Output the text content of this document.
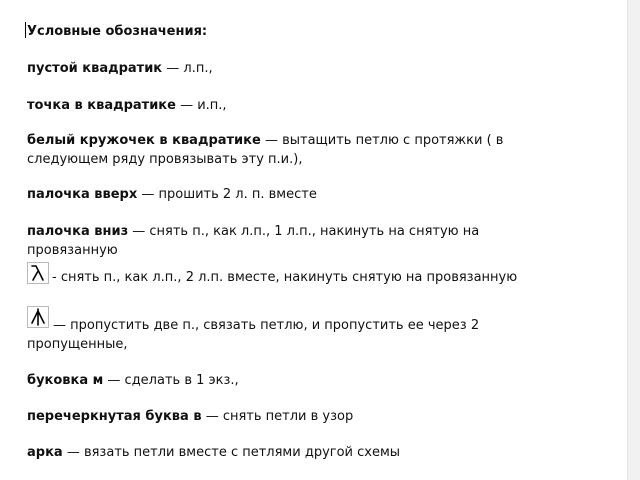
Условные обозначения:
пустой квадратик — л.п.,
точка в квадратике — и.п.,
белый кружочек в квадратике — вытащить петлю с протяжки ( в следующем ряду провязывать эту п.и.),
палочка вверх — прошить 2 л. п. вместе
палочка вниз — снять п., как л.п., 1 л.п., накинуть на снятую на провязанную
- снять п., как л.п., 2 л.п. вместе, накинуть снятую на провязанную
— пропустить две п., связать петлю, и пропустить ее через 2 пропущенные,
буковка м — сделать в 1 экз.,
перечеркнутая буква в — снять петли в узор
арка — вязать петли вместе с петлями другой схемы
